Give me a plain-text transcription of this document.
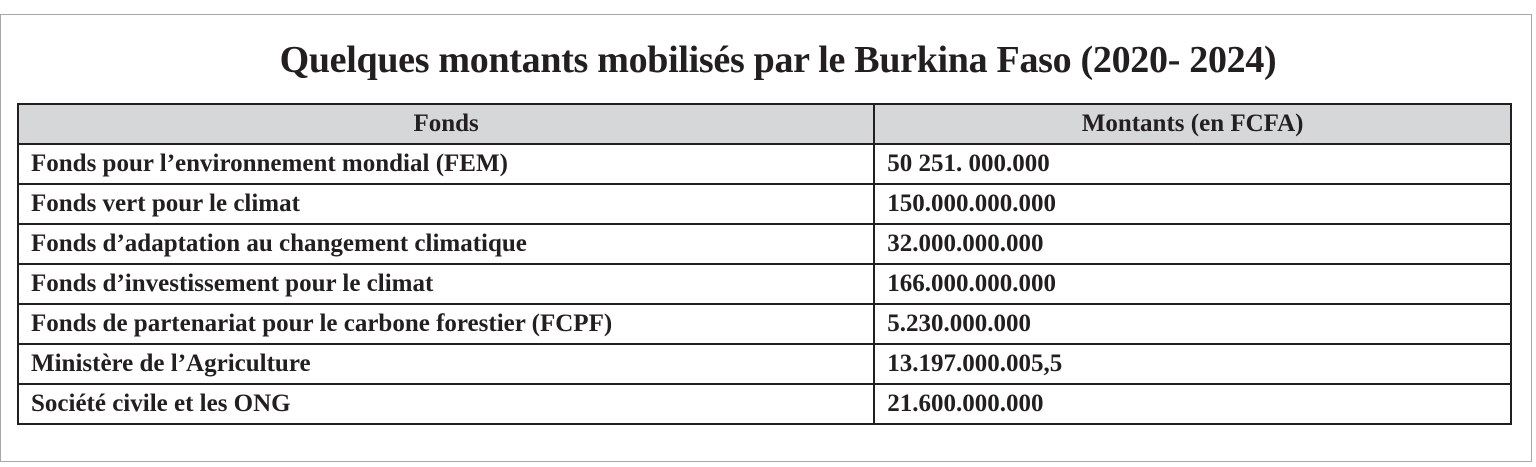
Quelques montants mobilisés par le Burkina Faso (2020- 2024)
Fonds	Montants (en FCFA)
Fonds pour l’environnement mondial (FEM)	50 251. 000.000
Fonds vert pour le climat	150.000.000.000
Fonds d’adaptation au changement climatique	32.000.000.000
Fonds d’investissement pour le climat	166.000.000.000
Fonds de partenariat pour le carbone forestier (FCPF)	5.230.000.000
Ministère de l’Agriculture	13.197.000.005,5
Société civile et les ONG	21.600.000.000
